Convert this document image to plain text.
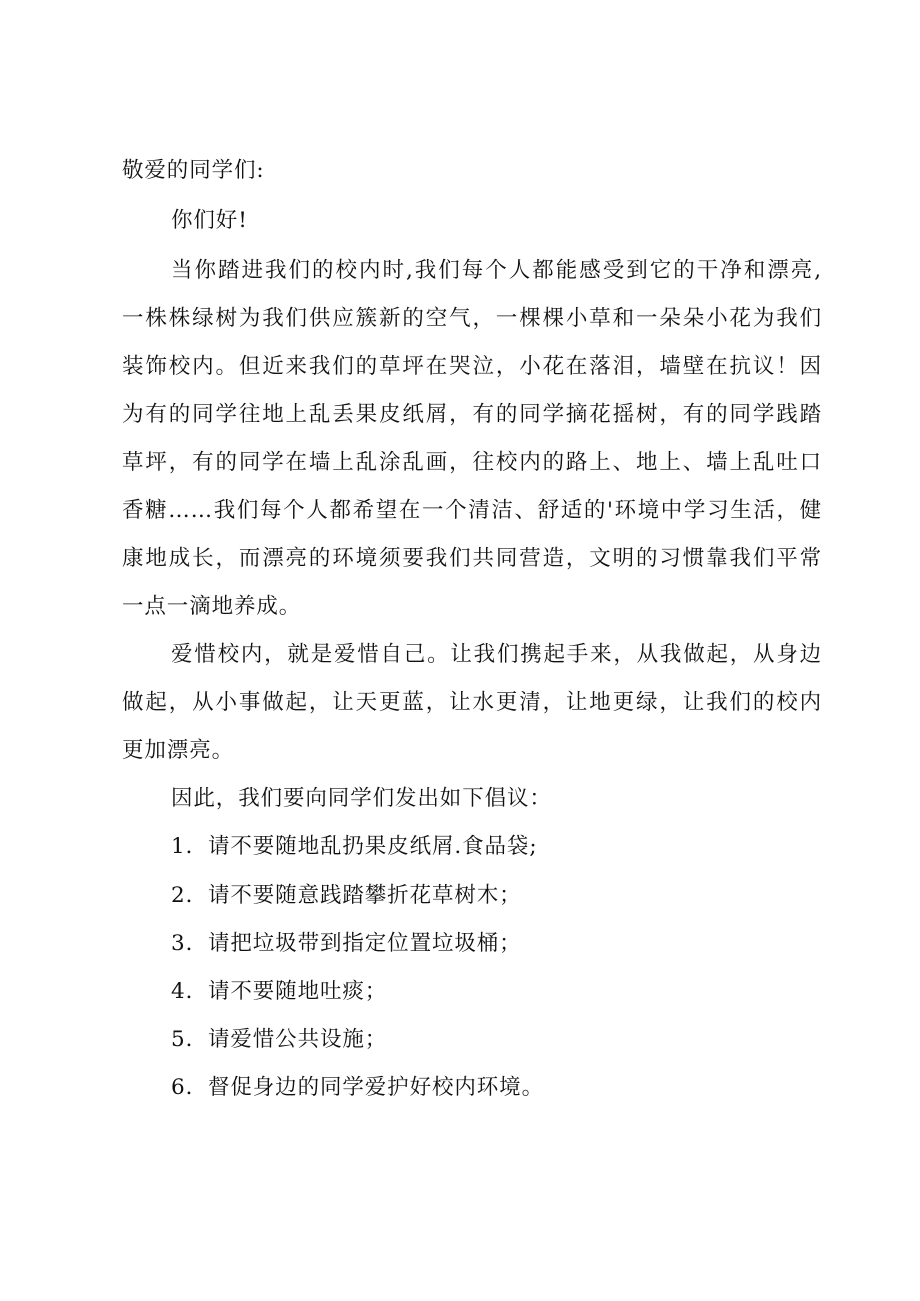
敬爱的同学们:
你们好!
当你踏进我们的校内时,我们每个人都能感受到它的干净和漂亮,
一株株绿树为我们供应簇新的空气，一棵棵小草和一朵朵小花为我们
装饰校内。但近来我们的草坪在哭泣，小花在落泪，墙壁在抗议！因
为有的同学往地上乱丢果皮纸屑，有的同学摘花摇树，有的同学践踏
草坪，有的同学在墙上乱涂乱画，往校内的路上、地上、墙上乱吐口
香糖……我们每个人都希望在一个清洁、舒适的'环境中学习生活，健
康地成长，而漂亮的环境须要我们共同营造，文明的习惯靠我们平常
一点一滴地养成。
爱惜校内，就是爱惜自己。让我们携起手来，从我做起，从身边
做起，从小事做起，让天更蓝，让水更清，让地更绿，让我们的校内
更加漂亮。
因此，我们要向同学们发出如下倡议：
1．请不要随地乱扔果皮纸屑.食品袋;
2．请不要随意践踏攀折花草树木；
3．请把垃圾带到指定位置垃圾桶；
4．请不要随地吐痰；
5．请爱惜公共设施；
6．督促身边的同学爱护好校内环境。
